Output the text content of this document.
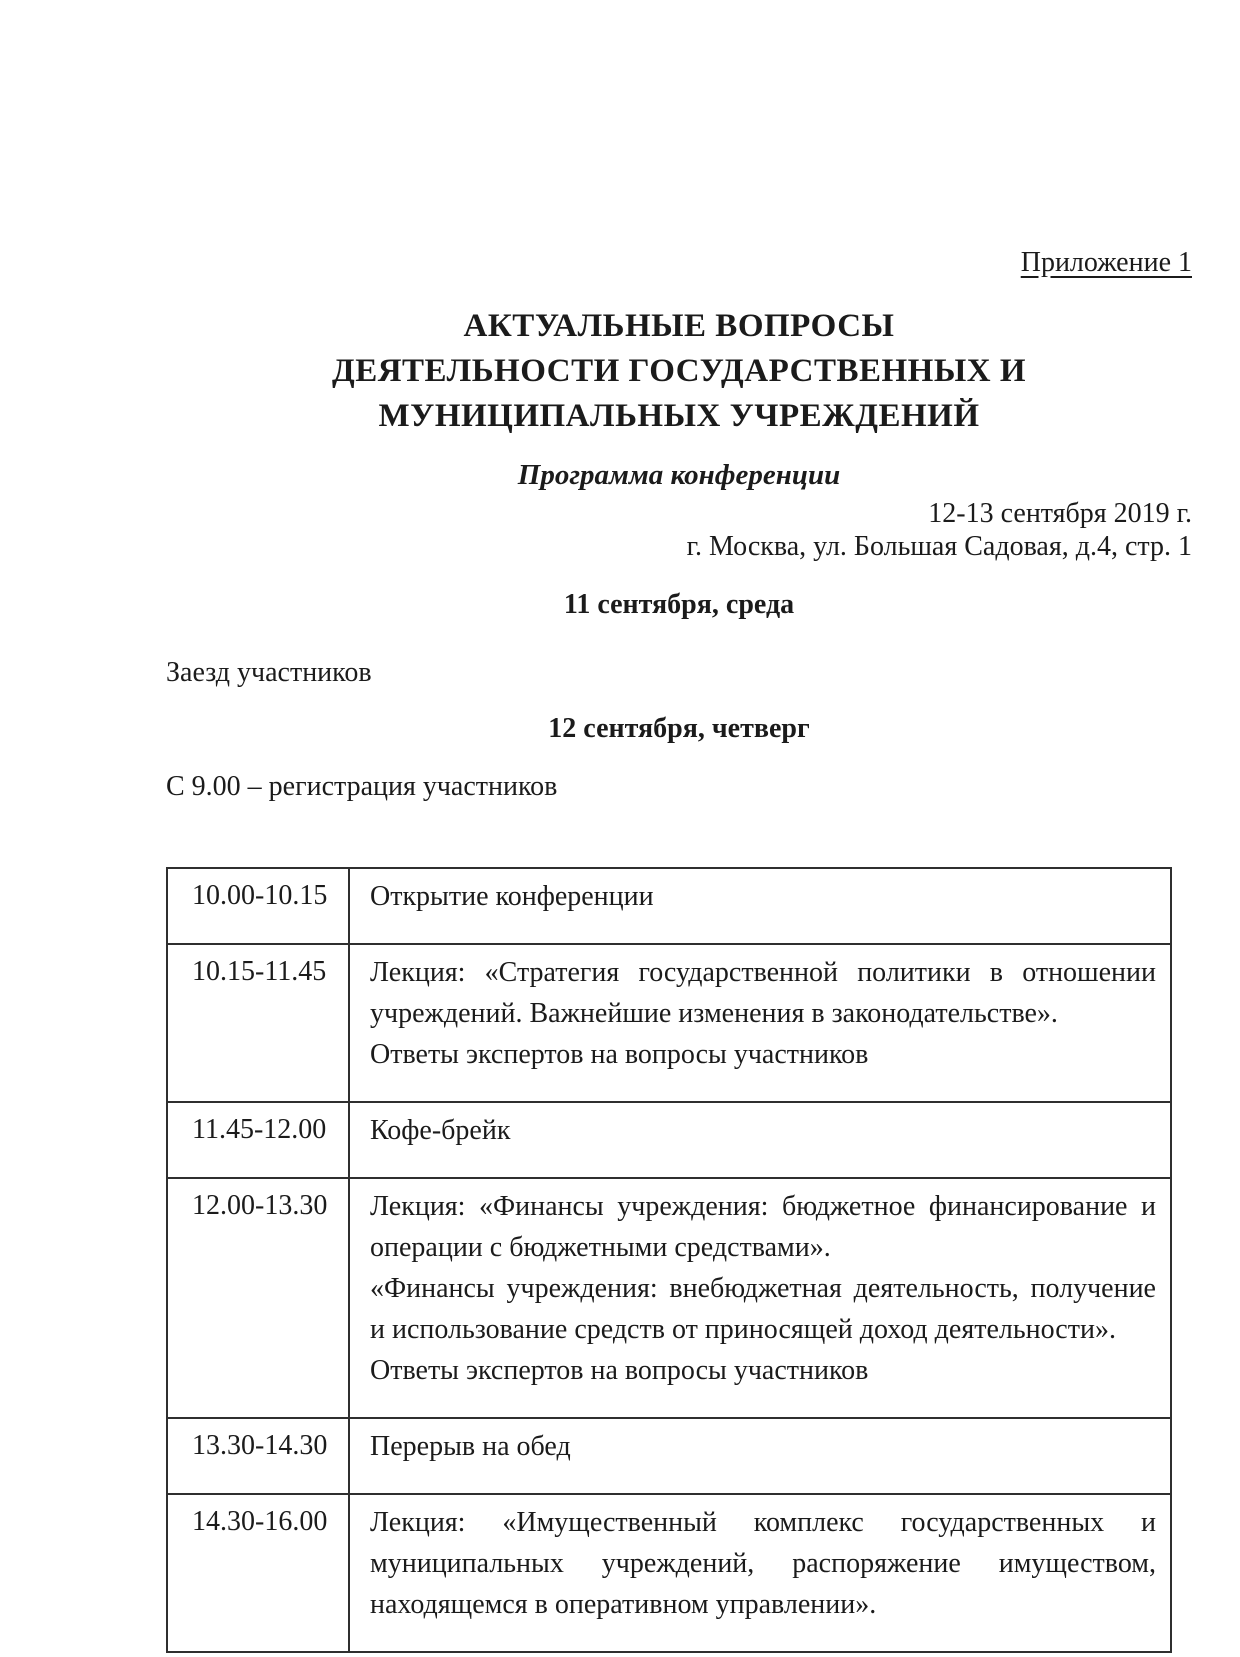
Приложение 1
АКТУАЛЬНЫЕ ВОПРОСЫ
ДЕЯТЕЛЬНОСТИ ГОСУДАРСТВЕННЫХ И
МУНИЦИПАЛЬНЫХ УЧРЕЖДЕНИЙ
Программа конференции
12-13 сентября 2019 г.
г. Москва, ул. Большая Садовая, д.4, стр. 1
11 сентября, среда
Заезд участников
12 сентября, четверг
С 9.00 – регистрация участников
10.00-10.15	Открытие конференции

10.15-11.45	Лекция: «Стратегия государственной политики в отношении учреждений. Важнейшие изменения в законодательстве».

Ответы экспертов на вопросы участников

11.45-12.00	Кофе-брейк

12.00-13.30	Лекция: «Финансы учреждения: бюджетное финансирование и операции с бюджетными средствами».

«Финансы учреждения: внебюджетная деятельность, получение и использование средств от приносящей доход деятельности».

Ответы экспертов на вопросы участников

13.30-14.30	Перерыв на обед

14.30-16.00	Лекция: «Имущественный комплекс государственных и муниципальных учреждений, распоряжение имуществом, находящемся в оперативном управлении».
